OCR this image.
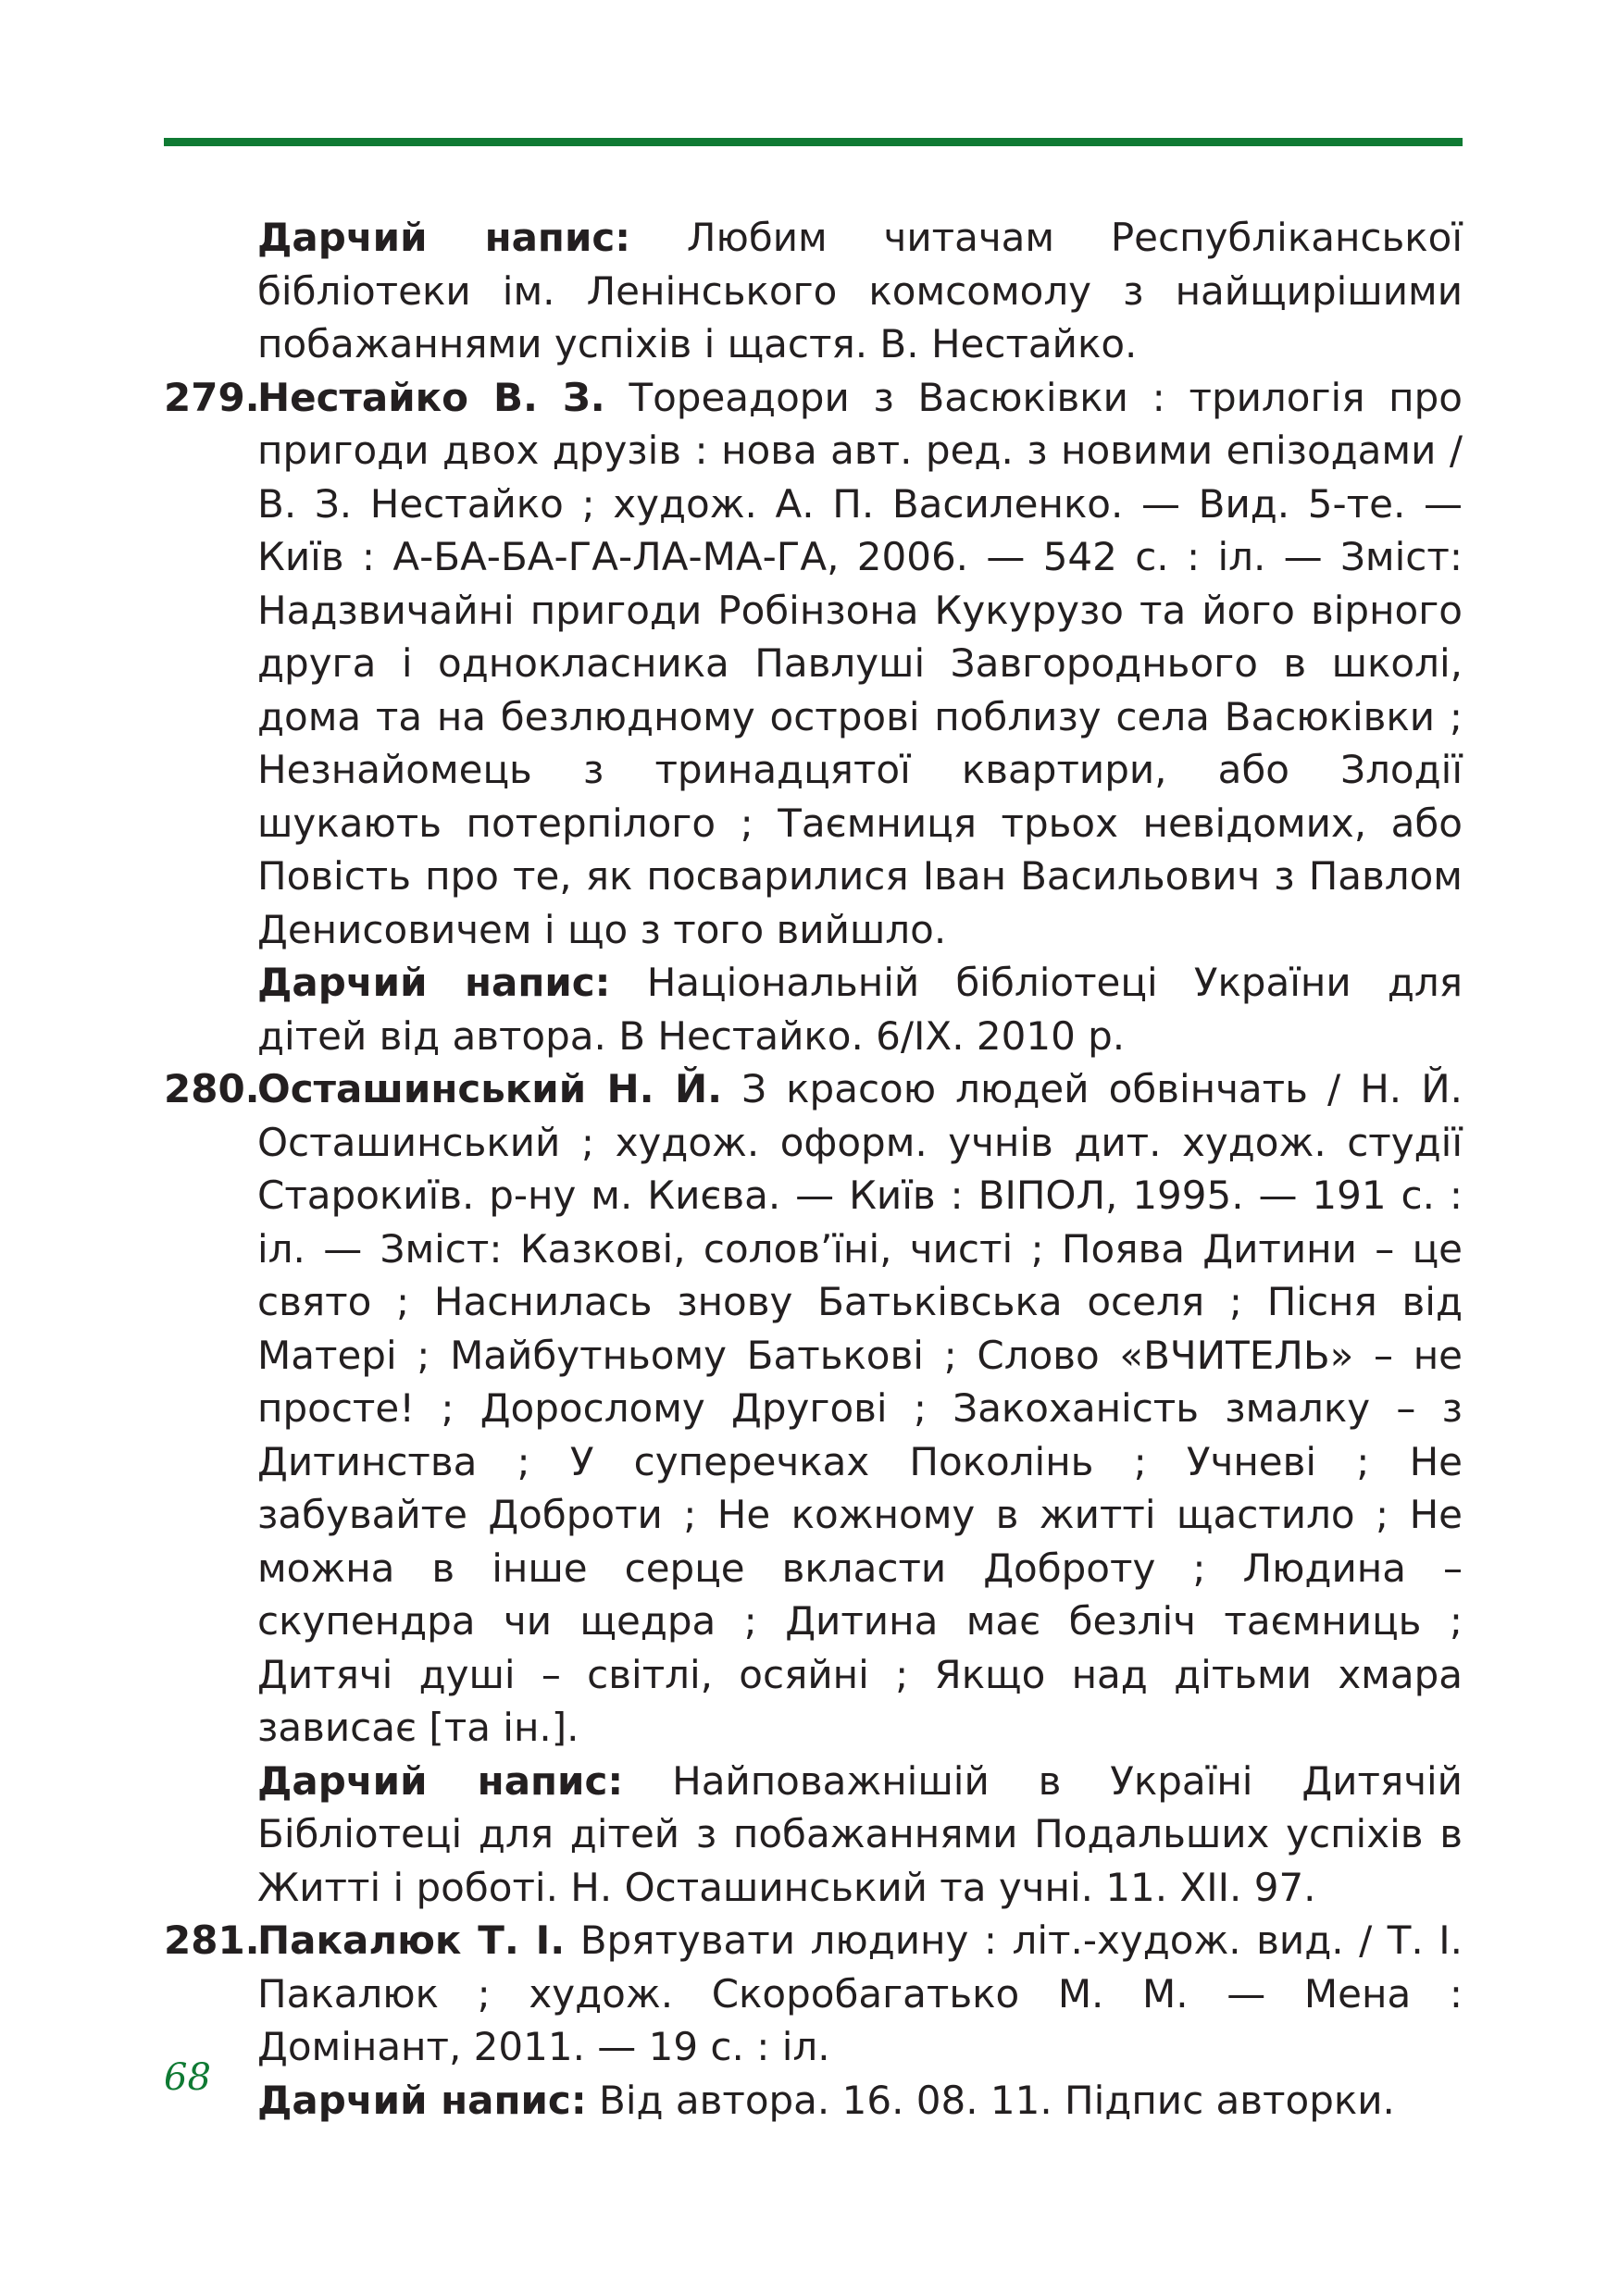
Дарчий напис: Любим читачам Республіканської бібліотеки ім. Ленінського комсомолу з найщирішими побажаннями успіхів і щастя. В. Нестайко.
279.
Нестайко В. З. Тореадори з Васюківки : трилогія про пригоди двох друзів : нова авт. ред. з новими епізодами / В. З. Нестайко ; худож. А. П. Василенко. — Вид. 5-те. — Київ : А-БА-БА-ГА-ЛА-МА-ГА, 2006. — 542 с. : іл. — Зміст: Надзвичайні пригоди Робінзона Кукурузо та його вірного друга і однокласника Павлуші Завгороднього в школі, дома та на безлюдному острові поблизу села Васюківки ; Незнайомець з тринадцятої квартири, або Злодії шукають потерпілого ; Таємниця трьох невідомих, або Повість про те, як посварилися Іван Васильович з Павлом Денисовичем і що з того вийшло.
Дарчий напис: Національній бібліотеці України для дітей від автора. В Нестайко. 6/IX. 2010 р.
280.
Осташинський Н. Й. З красою людей обвінчать / Н. Й. Осташинський ; худож. оформ. учнів дит. худож. студії Старокиїв. р-ну м. Києва. — Київ : ВІПОЛ, 1995. — 191 с. : іл. — Зміст: Казкові, солов’їні, чисті ; Поява Дитини – це свято ; Наснилась знову Батьківська оселя ; Пісня від Матері ; Майбутньому Батькові ; Слово «ВЧИТЕЛЬ» – не просте! ; Дорослому Другові ; Закоханість змалку – з Дитинства ; У суперечках Поколінь ; Учневі ; Не забувайте Доброти ; Не кожному в житті щастило ; Не можна в інше серце вкласти Доброту ; Людина – скупендра чи щедра ; Дитина має безліч таємниць ; Дитячі душі – світлі, осяйні ; Якщо над дітьми хмара зависає [та ін.].
Дарчий напис: Найповажнішій в Україні Дитячій Бібліотеці для дітей з побажаннями Подальших успіхів в Житті і роботі. Н. Осташинський та учні. 11. XII. 97.
281.
Пакалюк Т. І. Врятувати людину : літ.-худож. вид. / Т. І. Пакалюк ; худож. Скоробагатько М. М. — Мена : Домінант, 2011. — 19 с. : іл.
Дарчий напис: Від автора. 16. 08. 11. Підпис авторки.
68
